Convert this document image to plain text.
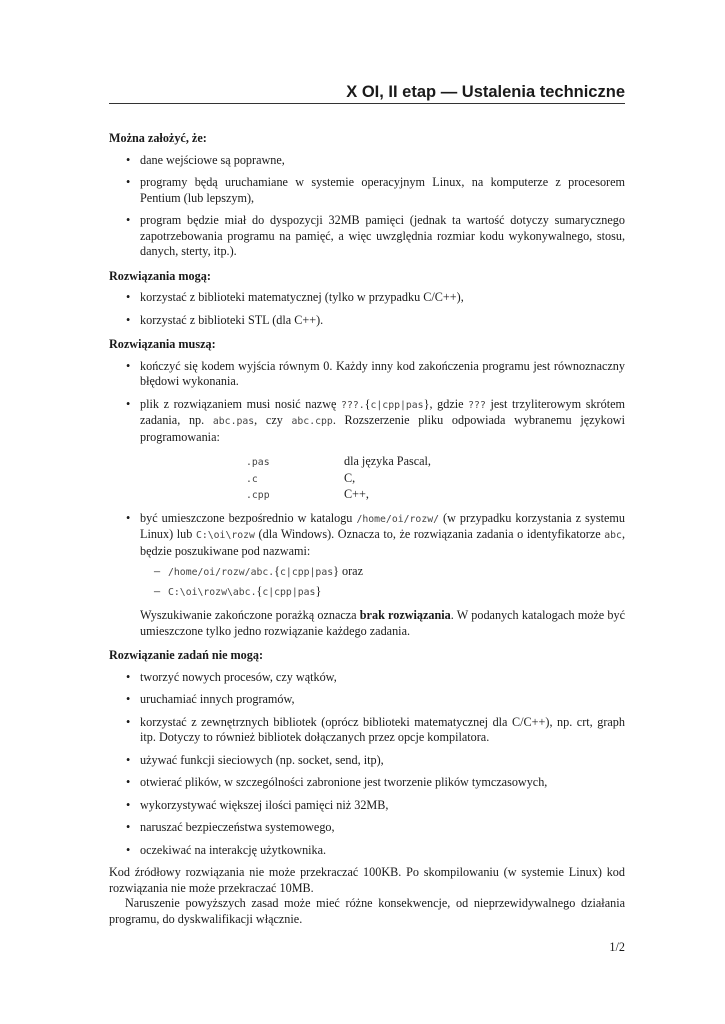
X OI, II etap — Ustalenia techniczne
Można założyć, że:
• dane wejściowe są poprawne,
• programy będą uruchamiane w systemie operacyjnym Linux, na komputerze z procesorem Pentium (lub lepszym),
• program będzie miał do dyspozycji 32MB pamięci (jednak ta wartość dotyczy sumarycznego zapotrzebowania programu na pamięć, a więc uwzględnia rozmiar kodu wykonywalnego, stosu, danych, sterty, itp.).
Rozwiązania mogą:
• korzystać z biblioteki matematycznej (tylko w przypadku C/C++),
• korzystać z biblioteki STL (dla C++).
Rozwiązania muszą:
• kończyć się kodem wyjścia równym 0. Każdy inny kod zakończenia programu jest równoznaczny błędowi wykonania.
• plik z rozwiązaniem musi nosić nazwę ???.{c|cpp|pas}, gdzie ??? jest trzyliterowym skrótem zadania, np. abc.pas, czy abc.cpp. Rozszerzenie pliku odpowiada wybranemu językowi programowania:
.pas	dla języka Pascal,
.c	C,
.cpp	C++,
• być umieszczone bezpośrednio w katalogu /home/oi/rozw/ (w przypadku korzystania z systemu Linux) lub C:\oi\rozw (dla Windows). Oznacza to, że rozwiązania zadania o identyfikatorze abc, będzie poszukiwane pod nazwami:
– /home/oi/rozw/abc.{c|cpp|pas} oraz
– C:\oi\rozw\abc.{c|cpp|pas}

Wyszukiwanie zakończone porażką oznacza brak rozwiązania. W podanych katalogach może być umieszczone tylko jedno rozwiązanie każdego zadania.

Rozwiązanie zadań nie mogą:
• tworzyć nowych procesów, czy wątków,
• uruchamiać innych programów,
• korzystać z zewnętrznych bibliotek (oprócz biblioteki matematycznej dla C/C++), np. crt, graph itp. Dotyczy to również bibliotek dołączanych przez opcje kompilatora.
• używać funkcji sieciowych (np. socket, send, itp),
• otwierać plików, w szczególności zabronione jest tworzenie plików tymczasowych,
• wykorzystywać większej ilości pamięci niż 32MB,
• naruszać bezpieczeństwa systemowego,
• oczekiwać na interakcję użytkownika.

Kod źródłowy rozwiązania nie może przekraczać 100KB. Po skompilowaniu (w systemie Linux) kod rozwiązania nie może przekraczać 10MB.

Naruszenie powyższych zasad może mieć różne konsekwencje, od nieprzewidywalnego działania programu, do dyskwalifikacji włącznie.

1/2
